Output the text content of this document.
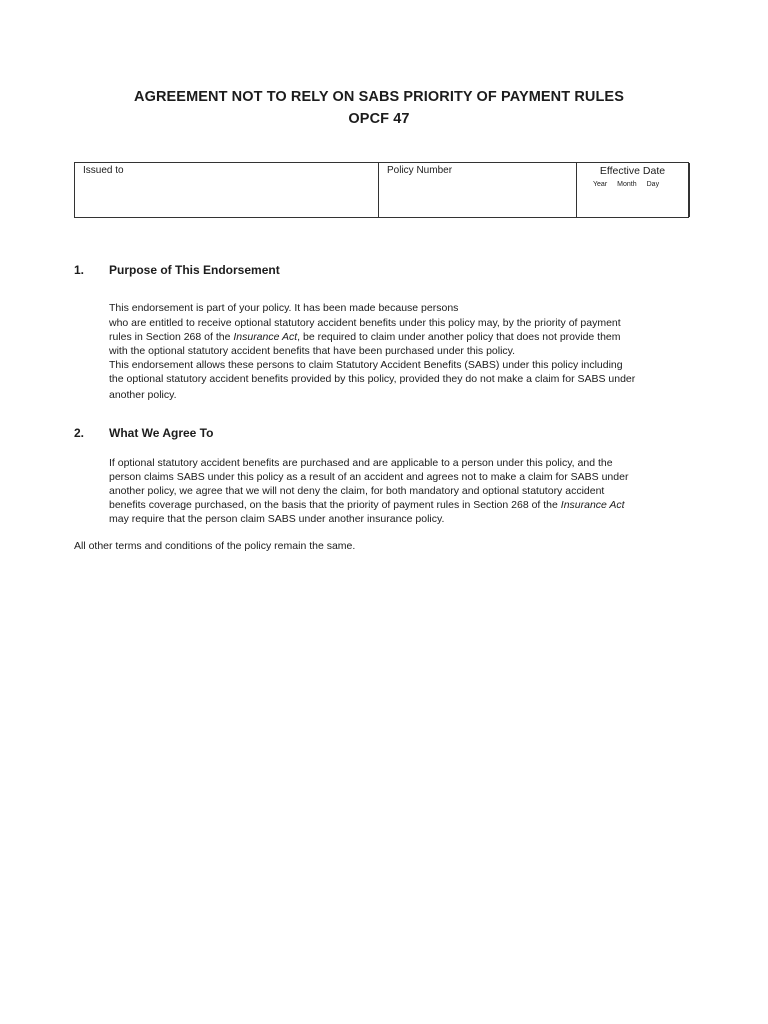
AGREEMENT NOT TO RELY ON SABS PRIORITY OF PAYMENT RULES
OPCF 47
Issued to	Policy Number	Effective Date
Year Month Day
1. Purpose of This Endorsement
This endorsement is part of your policy. It has been made because persons
who are entitled to receive optional statutory accident benefits under this policy may, by the priority of payment
rules in Section 268 of the Insurance Act, be required to claim under another policy that does not provide them
with the optional statutory accident benefits that have been purchased under this policy.
This endorsement allows these persons to claim Statutory Accident Benefits (SABS) under this policy including
the optional statutory accident benefits provided by this policy, provided they do not make a claim for SABS under
another policy.
2. What We Agree To
If optional statutory accident benefits are purchased and are applicable to a person under this policy, and the
person claims SABS under this policy as a result of an accident and agrees not to make a claim for SABS under
another policy, we agree that we will not deny the claim, for both mandatory and optional statutory accident
benefits coverage purchased, on the basis that the priority of payment rules in Section 268 of the Insurance Act
may require that the person claim SABS under another insurance policy.
All other terms and conditions of the policy remain the same.
